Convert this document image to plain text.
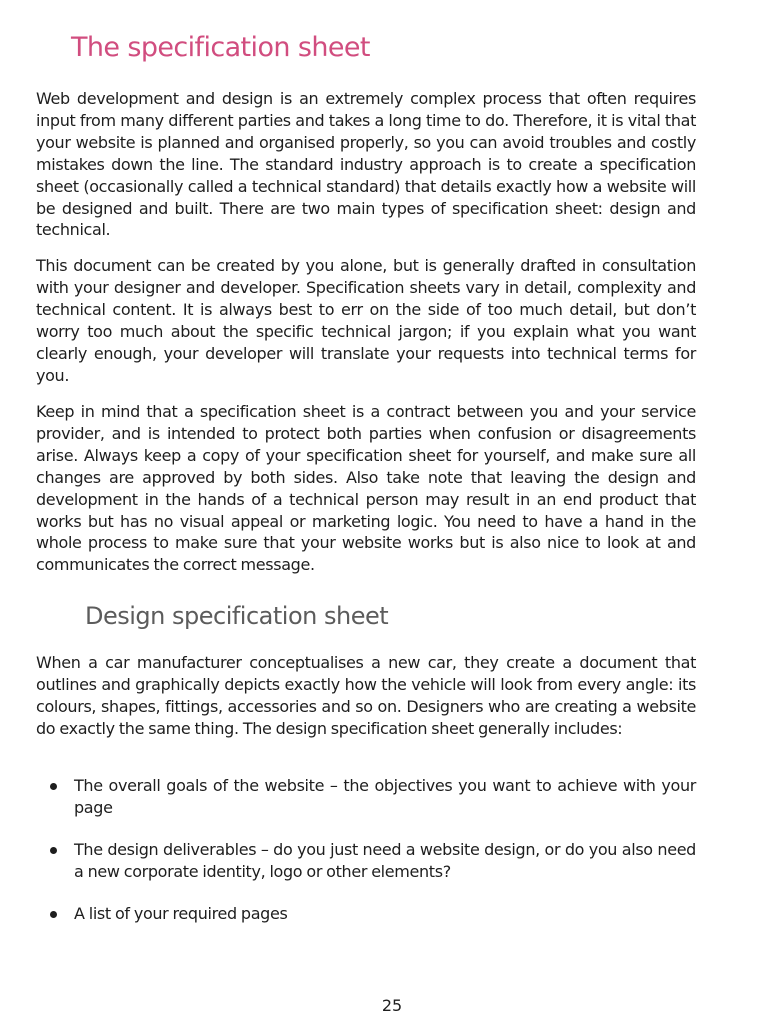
The specification sheet

Web development and design is an extremely complex process that often requires input from many different parties and takes a long time to do. Therefore, it is vital that your website is planned and organised properly, so you can avoid troubles and costly mistakes down the line. The standard industry approach is to create a specification sheet (occasionally called a technical standard) that details exactly how a website will be designed and built. There are two main types of specification sheet: design and technical.

This document can be created by you alone, but is generally drafted in consultation with your designer and developer. Specification sheets vary in detail, complexity and technical content. It is always best to err on the side of too much detail, but don’t worry too much about the specific technical jargon; if you explain what you want clearly enough, your developer will translate your requests into technical terms for you.

Keep in mind that a specification sheet is a contract between you and your service provider, and is intended to protect both parties when confusion or disagreements arise. Always keep a copy of your specification sheet for yourself, and make sure all changes are approved by both sides. Also take note that leaving the design and development in the hands of a technical person may result in an end product that works but has no visual appeal or marketing logic. You need to have a hand in the whole process to make sure that your website works but is also nice to look at and communicates the correct message.

Design specification sheet

When a car manufacturer conceptualises a new car, they create a document that outlines and graphically depicts exactly how the vehicle will look from every angle: its colours, shapes, fittings, accessories and so on. Designers who are creating a website do exactly the same thing. The design specification sheet generally includes:

The overall goals of the website – the objectives you want to achieve with your page
The design deliverables – do you just need a website design, or do you also need a new corporate identity, logo or other elements?
A list of your required pages
25
